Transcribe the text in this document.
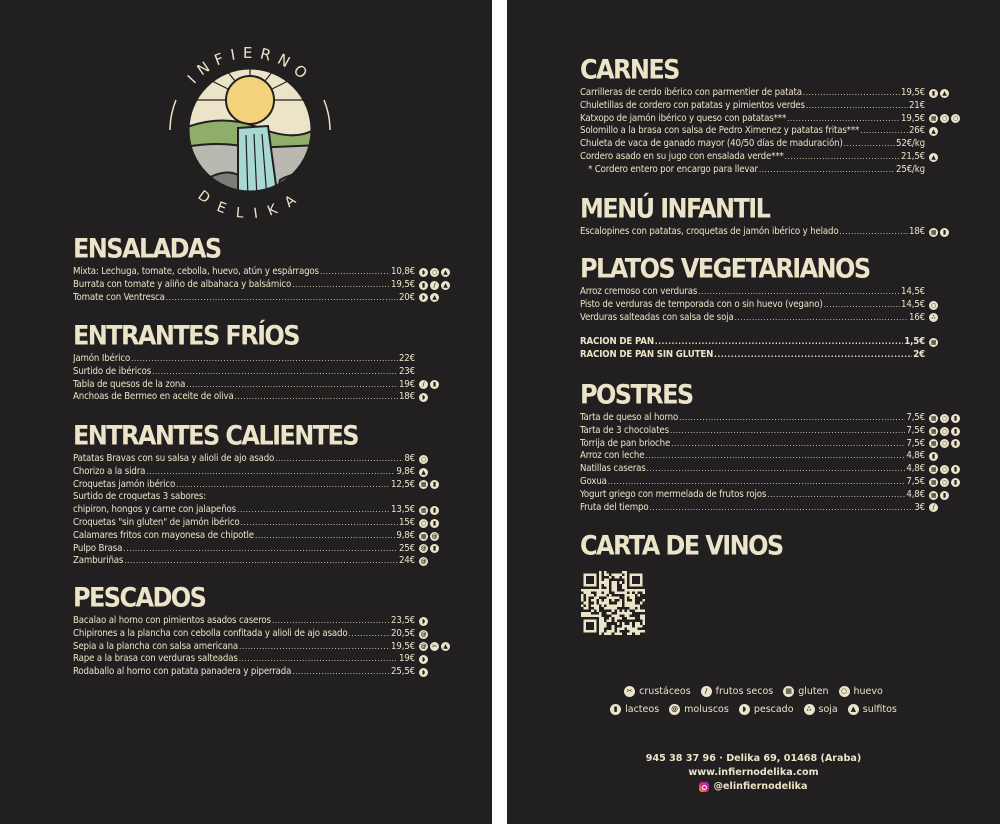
INFIERNO
DELIKA
ENSALADAS
Mixta: Lechuga, tomate, cebolla, huevo, atún y espárragos .....	10,8€	◗	○	▲
Burrata con tomate y aliño de albahaca y balsámico .....	19,5€	▮	/	▲
Tomate con Ventresca .....	20€	◗	▲
ENTRANTES FRÍOS
Jamón Ibérico .....	22€
Surtido de ibéricos .....	23€
Tabla de quesos de la zona .....	19€	/	▮
Anchoas de Bermeo en aceite de oliva .....	18€	◗
ENTRANTES CALIENTES
Patatas Bravas con su salsa y alioli de ajo asado .....	8€ ○
Chorizo a la sidra .....	9,8€	▲
Croquetas jamón ibérico .....	12,5€ ▦	▮
Surtido de croquetas 3 sabores:
chipiron, hongos y carne con jalapeños .....	13,5€ ▦	▮
Croquetas "sin gluten" de jamón ibérico .....	15€ ○	▮
Calamares fritos con mayonesa de chipotle .....	9,8€ ▦ @
Pulpo Brasa .....	25€ @	▮
Zamburiñas .....	24€ @
PESCADOS
Bacalao al horno con pimientos asados caseros .....	23,5€	◗
Chipirones a la plancha con cebolla confitada y alioli de ajo asado .....	20,5€ @
Sepia a la plancha con salsa americana .....	19,5€ @ ✂	▲
Rape a la brasa con verduras salteadas .....	19€	◗
Rodaballo al horno con patata panadera y piperrada .....	25,5€	◗
CARNES
Carrilleras de cerdo ibérico con parmentier de patata .....	19,5€	▮	▲
Chuletillas de cordero con patatas y pimientos verdes .....	21€
Katxopo de jamón ibérico y queso con patatas*** .....	19,5€ ▦ ○ ○
Solomillo a la brasa con salsa de Pedro Ximenez y patatas fritas*** .....	26€	▲
Chuleta de vaca de ganado mayor (40/50 días de maduración) .....	52€/kg
Cordero asado en su jugo con ensalada verde*** .....	21,5€	▲
* Cordero entero por encargo para llevar .....	25€/kg
MENÚ INFANTIL
Escalopines con patatas, croquetas de jamón ibérico y helado .....	18€ ▦	▮
PLATOS VEGETARIANOS
Arroz cremoso con verduras .....	14,5€
Pisto de verduras de temporada con o sin huevo (vegano) .....	14,5€ ○
Verduras salteadas con salsa de soja .....	16€	∴
RACIÓN DE PAN .....	1,5€ ▦
RACIÓN DE PAN SIN GLUTEN .....	2€
POSTRES
Tarta de queso al horno .....	7,5€ ▦ ○	▮
Tarta de 3 chocolates .....	7,5€ ▦ ○	▮
Torrija de pan brioche .....	7,5€ ▦ ○	▮
Arroz con leche .....	4,8€	▮
Natillas caseras .....	4,8€ ▦ ○	▮
Goxua .....	7,5€ ▦ ○	▮
Yogurt griego con mermelada de frutos rojos .....	4,8€ ▦	▮
Fruta del tiempo .....	3€	/
CARTA DE VINOS
✂ crustáceos	/ frutos secos	▦ gluten	○ huevo
▮ lacteos @ moluscos	◗ pescado	∴ soja	▲ sulfitos
945 38 37 96 · Delika 69, 01468 (Araba)
www.infiernodelika.com
@elinfiernodelika
